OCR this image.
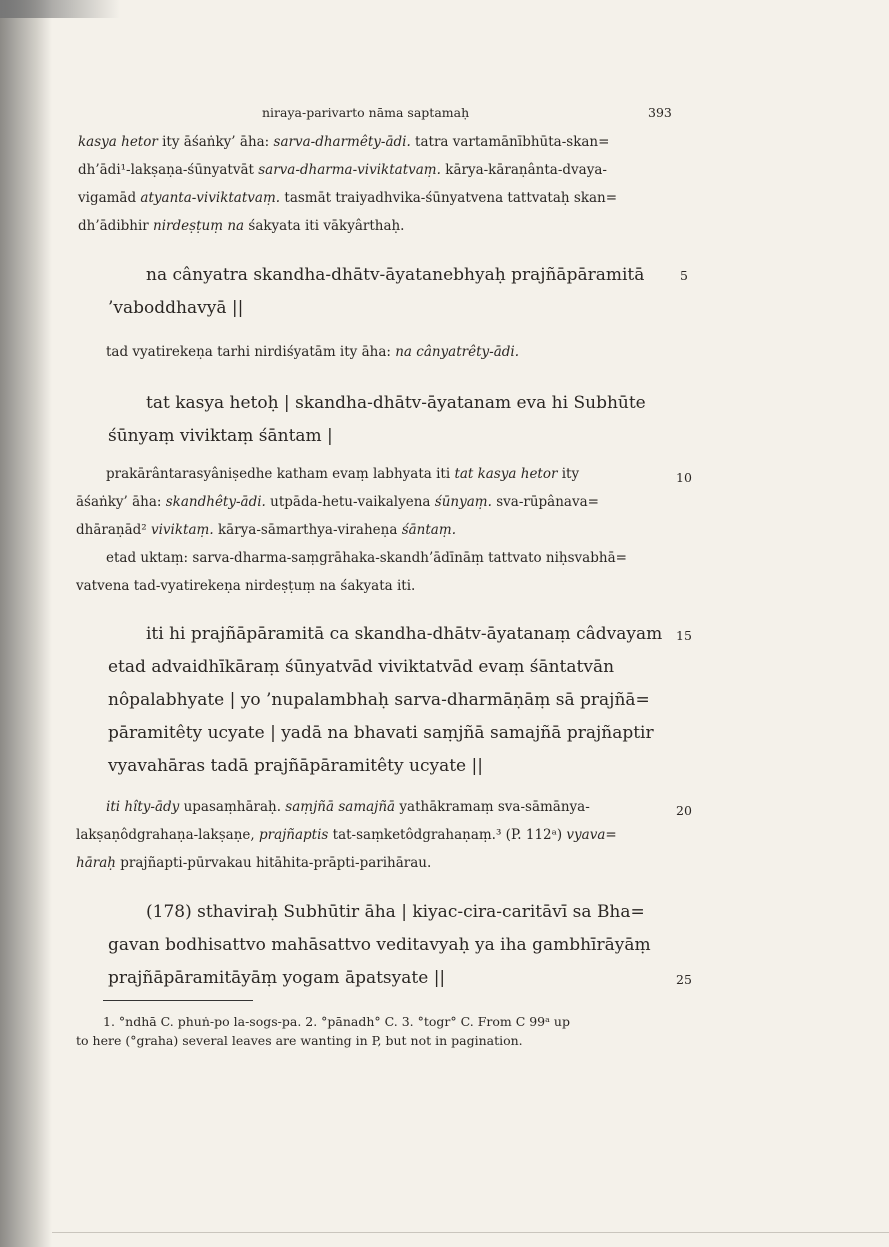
niraya-parivarto nāma saptamaḥ	393
kasya hetor ity āśaṅky’ āha: sarva-dharmêty-ādi. tatra vartamānībhūta-skan=
dh’ādi¹-lakṣaṇa-śūnyatvāt sarva-dharma-viviktatvaṃ. kārya-kāraṇânta-dvaya-
vigamād atyanta-viviktatvaṃ. tasmāt traiyadhvika-śūnyatvena tattvataḥ skan=
dh’ādibhir nirdeṣṭuṃ na śakyata iti vākyârthaḥ.
na cânyatra skandha-dhātv-āyatanebhyaḥ prajñāpāramitā
’vaboddhavyā ||
tad vyatirekeṇa tarhi nirdiśyatām ity āha: na cânyatrêty-ādi.
tat kasya hetoḥ | skandha-dhātv-āyatanam eva hi Subhūte
śūnyaṃ viviktaṃ śāntam |
prakārântarasyâniṣedhe katham evaṃ labhyata iti tat kasya hetor ity
āśaṅky’ āha: skandhêty-ādi. utpāda-hetu-vaikalyena śūnyaṃ. sva-rūpânava=
dhāraṇād² viviktaṃ. kārya-sāmarthya-viraheṇa śāntaṃ.
etad uktaṃ: sarva-dharma-saṃgrāhaka-skandh’ādīnāṃ tattvato niḥsvabhā=
vatvena tad-vyatirekeṇa nirdeṣṭuṃ na śakyata iti.
iti hi prajñāpāramitā ca skandha-dhātv-āyatanaṃ câdvayam
etad advaidhīkāraṃ śūnyatvād viviktatvād evaṃ śāntatvān
nôpalabhyate | yo ’nupalambhaḥ sarva-dharmāṇāṃ sā prajñā=
pāramitêty ucyate | yadā na bhavati saṃjñā samajñā prajñaptir
vyavahāras tadā prajñāpāramitêty ucyate ||
iti hîty-ādy upasaṃhāraḥ. saṃjñā samajñā yathākramaṃ sva-sāmānya-
lakṣaṇôdgrahaṇa-lakṣaṇe, prajñaptis tat-saṃketôdgrahaṇaṃ.³ (P. 112ᵃ) vyava=
hāraḥ prajñapti-pūrvakau hitāhita-prāpti-parihārau.
(178) sthaviraḥ Subhūtir āha | kiyac-cira-caritāvī sa Bha=
gavan bodhisattvo mahāsattvo veditavyaḥ ya iha gambhīrāyāṃ
prajñāpāramitāyāṃ yogam āpatsyate ||
5
10
15
20
25
1. °ndhā C. phuṅ-po la-sogs-pa. 2. °pānadh° C. 3. °togr° C. From C 99ᵃ up
to here (°graha) several leaves are wanting in P, but not in pagination.
